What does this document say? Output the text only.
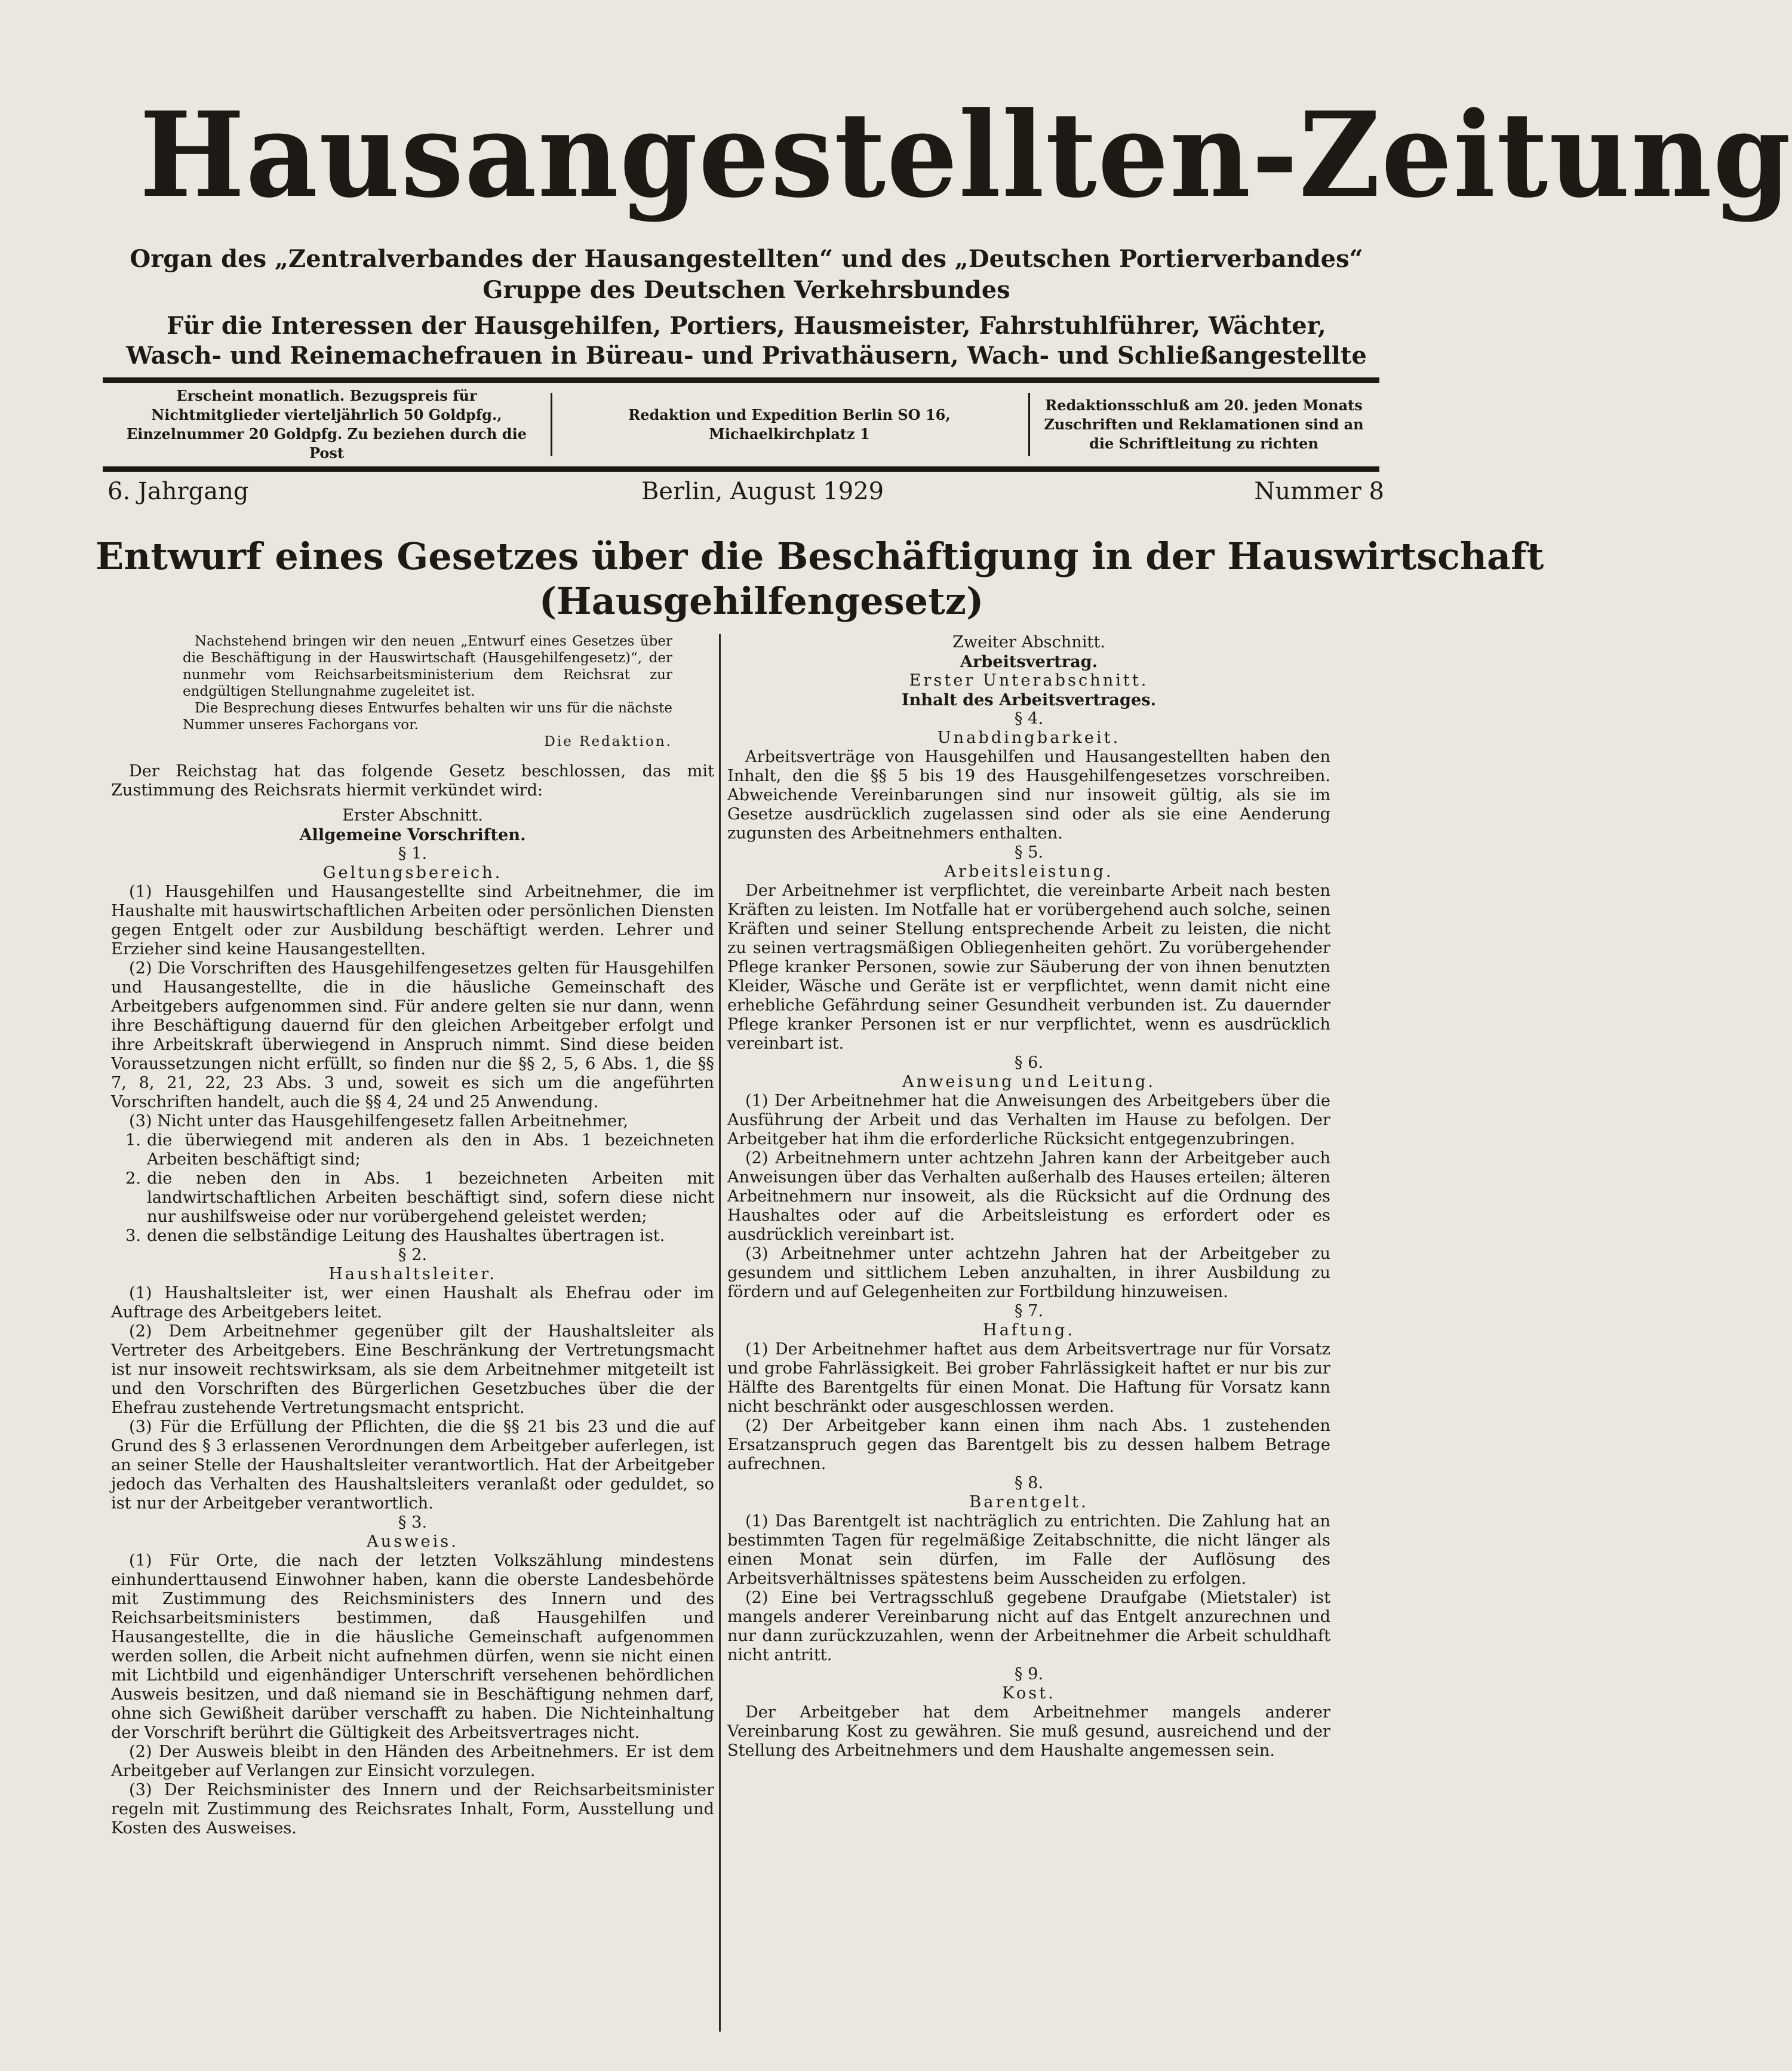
Hausangestellten-Zeitung
Organ des „Zentralverbandes der Hausangestellten“ und des „Deutschen Portierverbandes“
Gruppe des Deutschen Verkehrsbundes
Für die Interessen der Hausgehilfen, Portiers, Hausmeister, Fahrstuhlführer, Wächter,
Wasch- und Reinemachefrauen in Büreau- und Privathäusern, Wach- und Schließangestellte
Erscheint monatlich. Bezugspreis für Nichtmitglieder vierteljährlich 50 Goldpfg., Einzelnummer 20 Goldpfg. Zu beziehen durch die Post
Redaktion und Expedition Berlin SO 16, Michaelkirchplatz 1
Redaktionsschluß am 20. jeden Monats Zuschriften und Reklamationen sind an die Schriftleitung zu richten
6. Jahrgang	Berlin, August 1929	Nummer 8
Entwurf eines Gesetzes über die Beschäftigung in der Hauswirtschaft
(Hausgehilfengesetz)

Nachstehend bringen wir den neuen „Entwurf eines Gesetzes über die Beschäftigung in der Hauswirtschaft (Hausgehilfengesetz)“, der nunmehr vom Reichsarbeitsministerium dem Reichsrat zur endgültigen Stellungnahme zugeleitet ist.

Die Besprechung dieses Entwurfes behalten wir uns für die nächste Nummer unseres Fachorgans vor.

Die Redaktion.

Der Reichstag hat das folgende Gesetz beschlossen, das mit Zustimmung des Reichsrats hiermit verkündet wird:

Erster Abschnitt.

Allgemeine Vorschriften.

§ 1.

Geltungsbereich.

(1) Hausgehilfen und Hausangestellte sind Arbeitnehmer, die im Haushalte mit hauswirtschaftlichen Arbeiten oder persönlichen Diensten gegen Entgelt oder zur Ausbildung beschäftigt werden. Lehrer und Erzieher sind keine Hausangestellten.

(2) Die Vorschriften des Hausgehilfengesetzes gelten für Hausgehilfen und Hausangestellte, die in die häusliche Gemeinschaft des Arbeitgebers aufgenommen sind. Für andere gelten sie nur dann, wenn ihre Beschäftigung dauernd für den gleichen Arbeitgeber erfolgt und ihre Arbeitskraft überwiegend in Anspruch nimmt. Sind diese beiden Voraussetzungen nicht erfüllt, so finden nur die §§ 2, 5, 6 Abs. 1, die §§ 7, 8, 21, 22, 23 Abs. 3 und, soweit es sich um die angeführten Vorschriften handelt, auch die §§ 4, 24 und 25 Anwendung.

(3) Nicht unter das Hausgehilfengesetz fallen Arbeitnehmer,

1. die überwiegend mit anderen als den in Abs. 1 bezeichneten Arbeiten beschäftigt sind;
2. die neben den in Abs. 1 bezeichneten Arbeiten mit landwirtschaftlichen Arbeiten beschäftigt sind, sofern diese nicht nur aushilfsweise oder nur vorübergehend geleistet werden;
3. denen die selbständige Leitung des Haushaltes übertragen ist.

§ 2.

Haushaltsleiter.

(1) Haushaltsleiter ist, wer einen Haushalt als Ehefrau oder im Auftrage des Arbeitgebers leitet.

(2) Dem Arbeitnehmer gegenüber gilt der Haushaltsleiter als Vertreter des Arbeitgebers. Eine Beschränkung der Vertretungsmacht ist nur insoweit rechtswirksam, als sie dem Arbeitnehmer mitgeteilt ist und den Vorschriften des Bürgerlichen Gesetzbuches über die der Ehefrau zustehende Vertretungsmacht entspricht.

(3) Für die Erfüllung der Pflichten, die die §§ 21 bis 23 und die auf Grund des § 3 erlassenen Verordnungen dem Arbeitgeber auferlegen, ist an seiner Stelle der Haushaltsleiter verantwortlich. Hat der Arbeitgeber jedoch das Verhalten des Haushaltsleiters veranlaßt oder geduldet, so ist nur der Arbeitgeber verantwortlich.

§ 3.

Ausweis.

(1) Für Orte, die nach der letzten Volkszählung mindestens einhunderttausend Einwohner haben, kann die oberste Landesbehörde mit Zustimmung des Reichsministers des Innern und des Reichsarbeitsministers bestimmen, daß Hausgehilfen und Hausangestellte, die in die häusliche Gemeinschaft aufgenommen werden sollen, die Arbeit nicht aufnehmen dürfen, wenn sie nicht einen mit Lichtbild und eigenhändiger Unterschrift versehenen behördlichen Ausweis besitzen, und daß niemand sie in Beschäftigung nehmen darf, ohne sich Gewißheit darüber verschafft zu haben. Die Nichteinhaltung der Vorschrift berührt die Gültigkeit des Arbeitsvertrages nicht.

(2) Der Ausweis bleibt in den Händen des Arbeitnehmers. Er ist dem Arbeitgeber auf Verlangen zur Einsicht vorzulegen.

(3) Der Reichsminister des Innern und der Reichsarbeitsminister regeln mit Zustimmung des Reichsrates Inhalt, Form, Ausstellung und Kosten des Ausweises.

Zweiter Abschnitt.

Arbeitsvertrag.

Erster Unterabschnitt.

Inhalt des Arbeitsvertrages.

§ 4.

Unabdingbarkeit.

Arbeitsverträge von Hausgehilfen und Hausangestellten haben den Inhalt, den die §§ 5 bis 19 des Hausgehilfengesetzes vorschreiben. Abweichende Vereinbarungen sind nur insoweit gültig, als sie im Gesetze ausdrücklich zugelassen sind oder als sie eine Aenderung zugunsten des Arbeitnehmers enthalten.

§ 5.

Arbeitsleistung.

Der Arbeitnehmer ist verpflichtet, die vereinbarte Arbeit nach besten Kräften zu leisten. Im Notfalle hat er vorübergehend auch solche, seinen Kräften und seiner Stellung entsprechende Arbeit zu leisten, die nicht zu seinen vertragsmäßigen Obliegenheiten gehört. Zu vorübergehender Pflege kranker Personen, sowie zur Säuberung der von ihnen benutzten Kleider, Wäsche und Geräte ist er verpflichtet, wenn damit nicht eine erhebliche Gefährdung seiner Gesundheit verbunden ist. Zu dauernder Pflege kranker Personen ist er nur verpflichtet, wenn es ausdrücklich vereinbart ist.

§ 6.

Anweisung und Leitung.

(1) Der Arbeitnehmer hat die Anweisungen des Arbeitgebers über die Ausführung der Arbeit und das Verhalten im Hause zu befolgen. Der Arbeitgeber hat ihm die erforderliche Rücksicht entgegenzubringen.

(2) Arbeitnehmern unter achtzehn Jahren kann der Arbeitgeber auch Anweisungen über das Verhalten außerhalb des Hauses erteilen; älteren Arbeitnehmern nur insoweit, als die Rücksicht auf die Ordnung des Haushaltes oder auf die Arbeitsleistung es erfordert oder es ausdrücklich vereinbart ist.

(3) Arbeitnehmer unter achtzehn Jahren hat der Arbeitgeber zu gesundem und sittlichem Leben anzuhalten, in ihrer Ausbildung zu fördern und auf Gelegenheiten zur Fortbildung hinzuweisen.

§ 7.

Haftung.

(1) Der Arbeitnehmer haftet aus dem Arbeitsvertrage nur für Vorsatz und grobe Fahrlässigkeit. Bei grober Fahrlässigkeit haftet er nur bis zur Hälfte des Barentgelts für einen Monat. Die Haftung für Vorsatz kann nicht beschränkt oder ausgeschlossen werden.

(2) Der Arbeitgeber kann einen ihm nach Abs. 1 zustehenden Ersatzanspruch gegen das Barentgelt bis zu dessen halbem Betrage aufrechnen.

§ 8.

Barentgelt.

(1) Das Barentgelt ist nachträglich zu entrichten. Die Zahlung hat an bestimmten Tagen für regelmäßige Zeitabschnitte, die nicht länger als einen Monat sein dürfen, im Falle der Auflösung des Arbeitsverhältnisses spätestens beim Ausscheiden zu erfolgen.

(2) Eine bei Vertragsschluß gegebene Draufgabe (Mietstaler) ist mangels anderer Vereinbarung nicht auf das Entgelt anzurechnen und nur dann zurückzuzahlen, wenn der Arbeitnehmer die Arbeit schuldhaft nicht antritt.

§ 9.

Kost.

Der Arbeitgeber hat dem Arbeitnehmer mangels anderer Vereinbarung Kost zu gewähren. Sie muß gesund, ausreichend und der Stellung des Arbeitnehmers und dem Haushalte angemessen sein.
